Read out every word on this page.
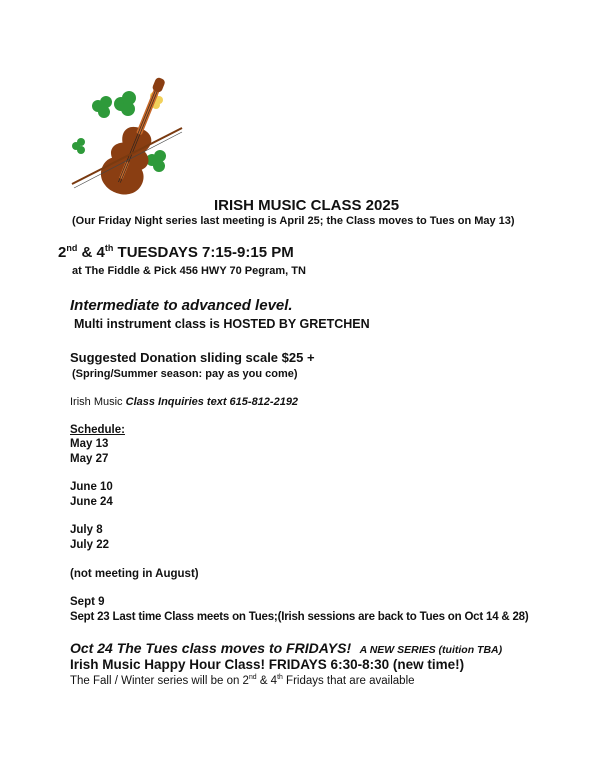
IRISH MUSIC CLASS 2025
(Our Friday Night series last meeting is April 25; the Class moves to Tues on May 13)
2nd & 4th TUESDAYS 7:15-9:15 PM
at The Fiddle & Pick 456 HWY 70 Pegram, TN
Intermediate to advanced level.
Multi instrument class is HOSTED BY GRETCHEN
Suggested Donation sliding scale $25 +
(Spring/Summer season: pay as you come)
Irish Music Class Inquiries text 615-812-2192
Schedule:
May 13
May 27
June 10
June 24
July 8
July 22
(not meeting in August)
Sept 9
Sept 23 Last time Class meets on Tues;(Irish sessions are back to Tues on Oct 14 & 28)
Oct 24 The Tues class moves to FRIDAYS! A NEW SERIES (tuition TBA)
Irish Music Happy Hour Class! FRIDAYS 6:30-8:30 (new time!)
The Fall / Winter series will be on 2nd & 4th Fridays that are available
